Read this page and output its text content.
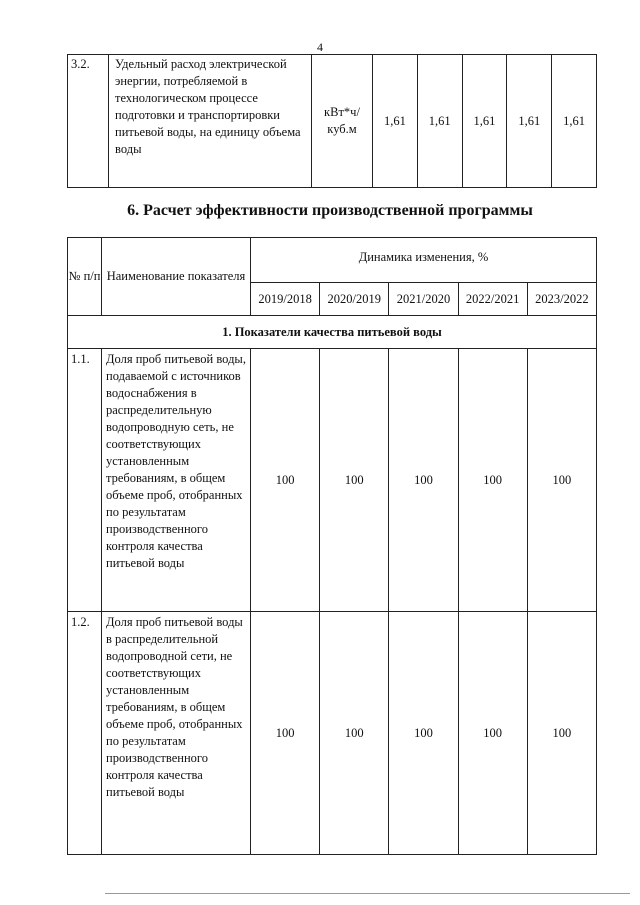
4
3.2.	Удельный расход электрической энергии, потребляемой в технологическом процессе подготовки и транспортировки питьевой воды, на единицу объема воды	кВт*ч/ куб.м	1,61	1,61	1,61	1,61	1,61
6. Расчет эффективности производственной программы
№ п/п	Наименование показателя	Динамика изменения, %				
		2019/2018	2020/2019	2021/2020	2022/2021	2023/2022
1. Показатели качества питьевой воды						
1.1.	Доля проб питьевой воды, подаваемой с источников водоснабжения в распределительную водопроводную сеть, не соответствующих установленным требованиям, в общем объеме проб, отобранных по результатам производственного контроля качества питьевой воды	100	100	100	100	100
1.2.	Доля проб питьевой воды в распределительной водопроводной сети, не соответствующих установленным требованиям, в общем объеме проб, отобранных по результатам производственного контроля качества питьевой воды	100	100	100	100	100
